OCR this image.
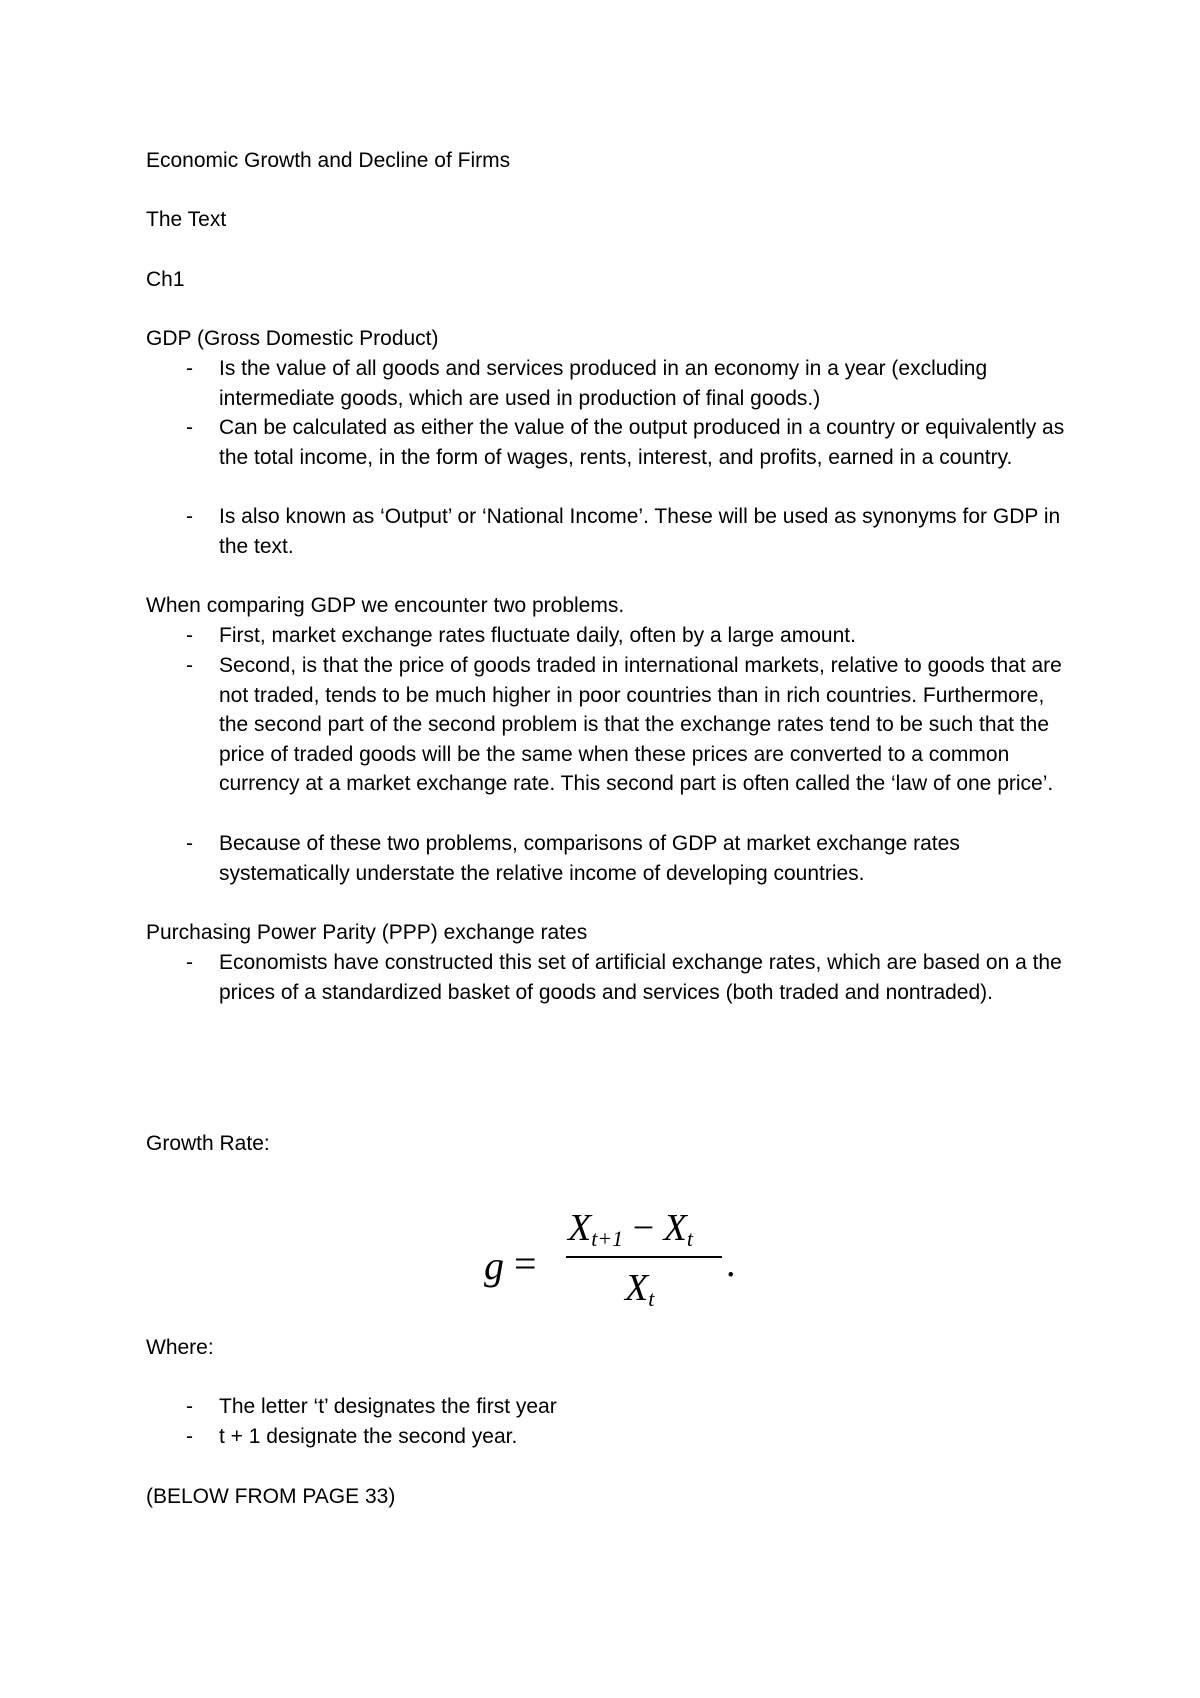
Economic Growth and Decline of Firms
The Text
Ch1
GDP (Gross Domestic Product)
- Is the value of all goods and services produced in an economy in a year (excluding intermediate goods, which are used in production of final goods.)
- Can be calculated as either the value of the output produced in a country or equivalently as the total income, in the form of wages, rents, interest, and profits, earned in a country.
- Is also known as ‘Output’ or ‘National Income’. These will be used as synonyms for GDP in the text.
When comparing GDP we encounter two problems.
- First, market exchange rates fluctuate daily, often by a large amount.
- Second, is that the price of goods traded in international markets, relative to goods that are not traded, tends to be much higher in poor countries than in rich countries. Furthermore, the second part of the second problem is that the exchange rates tend to be such that the price of traded goods will be the same when these prices are converted to a common currency at a market exchange rate. This second part is often called the ‘law of one price’.
- Because of these two problems, comparisons of GDP at market exchange rates systematically understate the relative income of developing countries.
Purchasing Power Parity (PPP) exchange rates
- Economists have constructed this set of artificial exchange rates, which are based on a the prices of a standardized basket of goods and services (both traded and nontraded).
Growth Rate:
g =
$X_{t+1} - X_t$
$X_t$
.
Where:
- The letter ‘t’ designates the first year
- t + 1 designate the second year.
(BELOW FROM PAGE 33)
